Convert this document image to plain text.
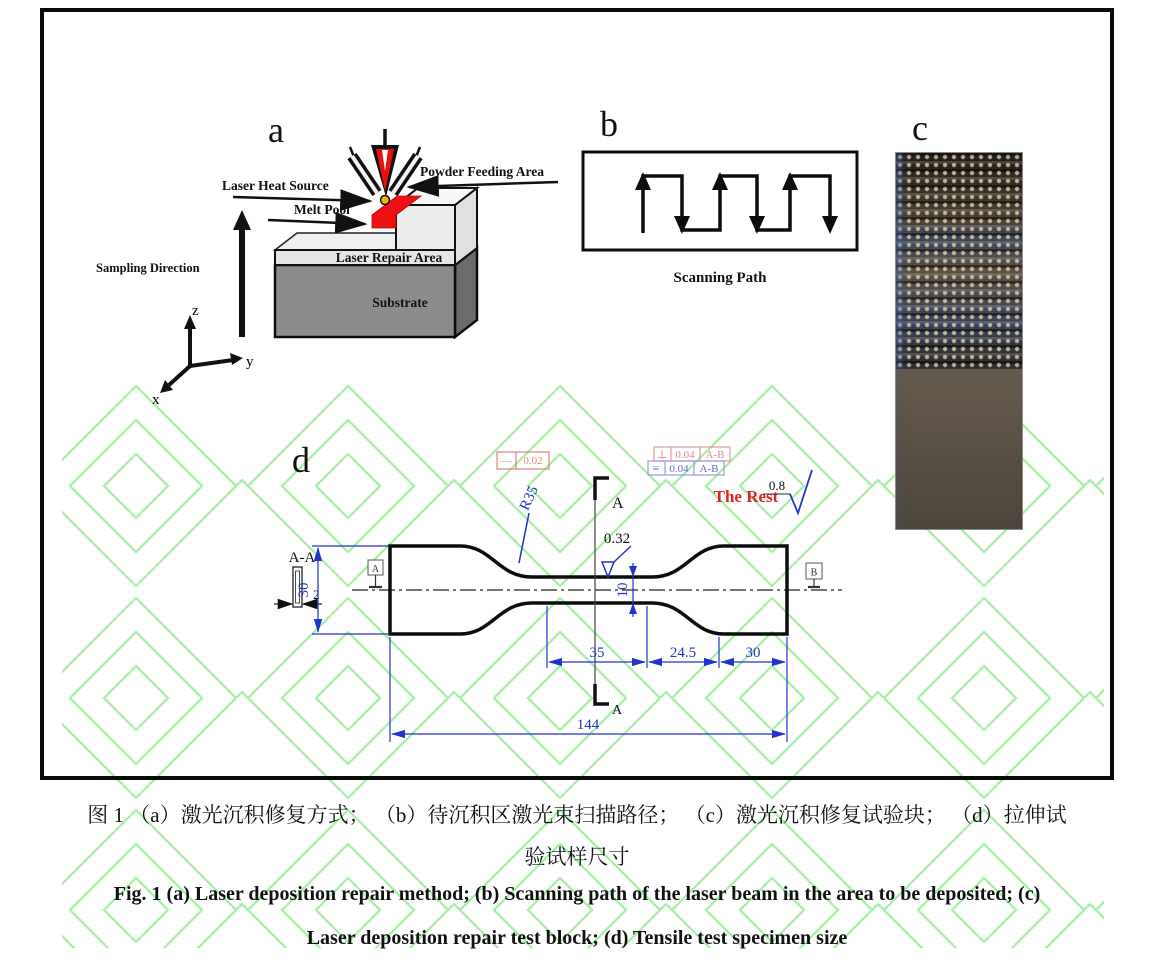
a
Laser Heat Source
Powder Feeding Area
Melt Pool
Laser Repair Area
Substrate
Sampling Direction
z
y
x
b
Scanning Path
c
d
A
A
A-A
2
A	B
R35
0.32
30	10
35	24.5	30
144
— 0.02	⊥ 0.04 A-B
≡ 0.04 A-B
The Rest
0.8
图 1 （a）激光沉积修复方式； （b）待沉积区激光束扫描路径； （c）激光沉积修复试验块； （d）拉伸试
验试样尺寸
Fig. 1 (a) Laser deposition repair method; (b) Scanning path of the laser beam in the area to be deposited; (c)
Laser deposition repair test block; (d) Tensile test specimen size
